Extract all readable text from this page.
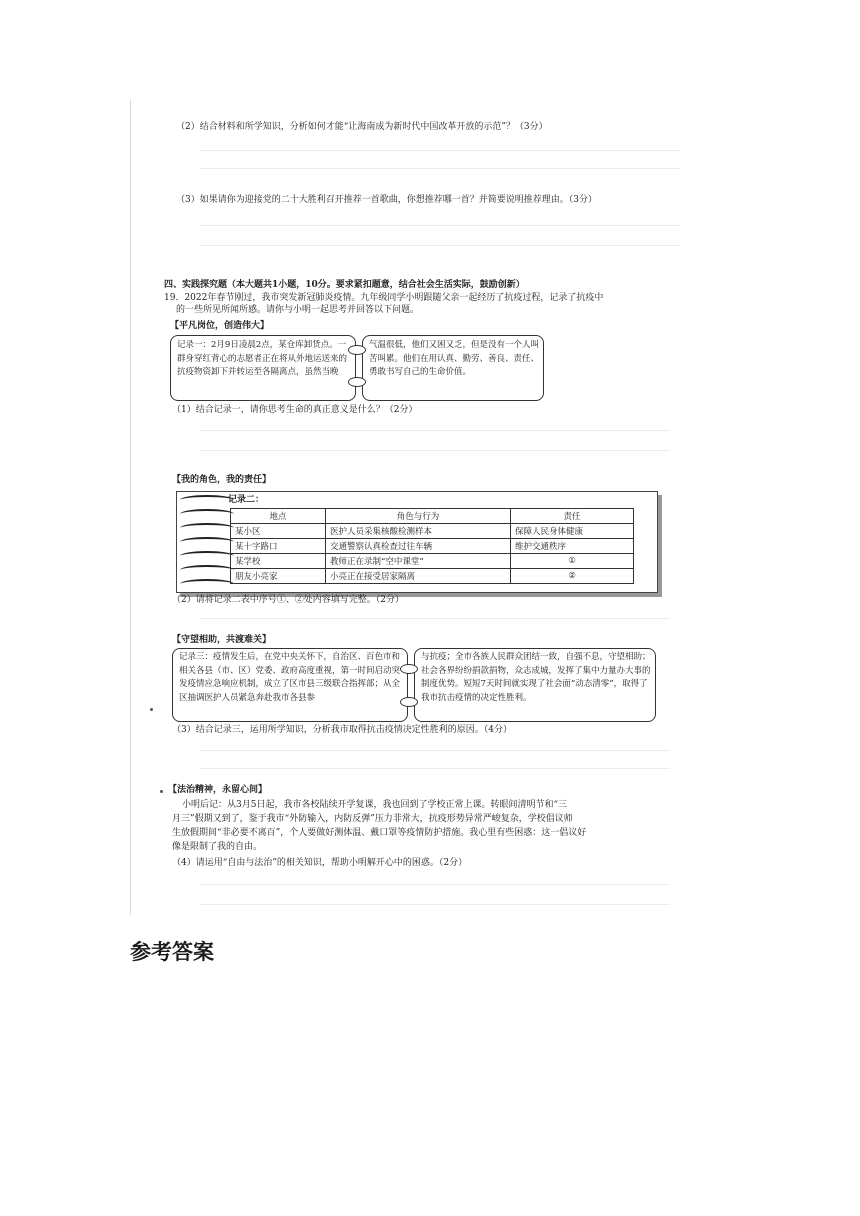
（2）结合材料和所学知识，分析如何才能“让海南成为新时代中国改革开放的示范”？（3分）
（3）如果请你为迎接党的二十大胜利召开推荐一首歌曲，你想推荐哪一首？并简要说明推荐理由。（3分）
四、实践探究题（本大题共1小题，10分。要求紧扣题意，结合社会生活实际，鼓励创新）
19．2022年春节刚过，我市突发新冠肺炎疫情。九年级同学小明跟随父亲一起经历了抗疫过程，记录了抗疫中
的一些所见所闻所感。请你与小明一起思考并回答以下问题。
【平凡岗位，创造伟大】
记录一：2月9日凌晨2点，某仓库卸货点。一群身穿红背心的志愿者正在将从外地运送来的抗疫物资卸下并转运至各隔离点，虽然当晚
气温很低，他们又困又乏，但是没有一个人叫苦叫累。他们在用认真、勤劳、善良、责任、勇敢书写自己的生命价值。
（1）结合记录一，请你思考生命的真正意义是什么？（2分）
【我的角色，我的责任】
记录二：
地点	角色与行为	责任
某小区	医护人员采集核酸检测样本	保障人民身体健康
某十字路口	交通警察认真检查过往车辆	维护交通秩序
某学校	教师正在录制“空中课堂”	①
朋友小亮家	小亮正在接受居家隔离	②
（2）请将记录二表中序号①、②处内容填写完整。（2分）
【守望相助，共渡难关】
记录三：疫情发生后，在党中央关怀下，自治区、百色市和相关各县（市、区）党委、政府高度重视，第一时间启动突发疫情应急响应机制，成立了区市县三级联合指挥部；从全区抽调医护人员紧急奔赴我市各县参
与抗疫；全市各族人民群众团结一致，自强不息，守望相助；社会各界纷纷捐款捐物，众志成城，发挥了集中力量办大事的制度优势。短短7天时间就实现了社会面“动态清零”，取得了我市抗击疫情的决定性胜利。
（3）结合记录三，运用所学知识，分析我市取得抗击疫情决定性胜利的原因。（4分）
【法治精神，永留心间】
小明后记：从3月5日起，我市各校陆续开学复课，我也回到了学校正常上课。转眼间清明节和“三
月三”假期又到了，鉴于我市“外防输入，内防反弹”压力非常大，抗疫形势异常严峻复杂，学校倡议师
生放假期间“非必要不离百”，个人要做好测体温、戴口罩等疫情防护措施。我心里有些困惑：这一倡议好
像是限制了我的自由。
（4）请运用“自由与法治”的相关知识，帮助小明解开心中的困惑。（2分）
参考答案
